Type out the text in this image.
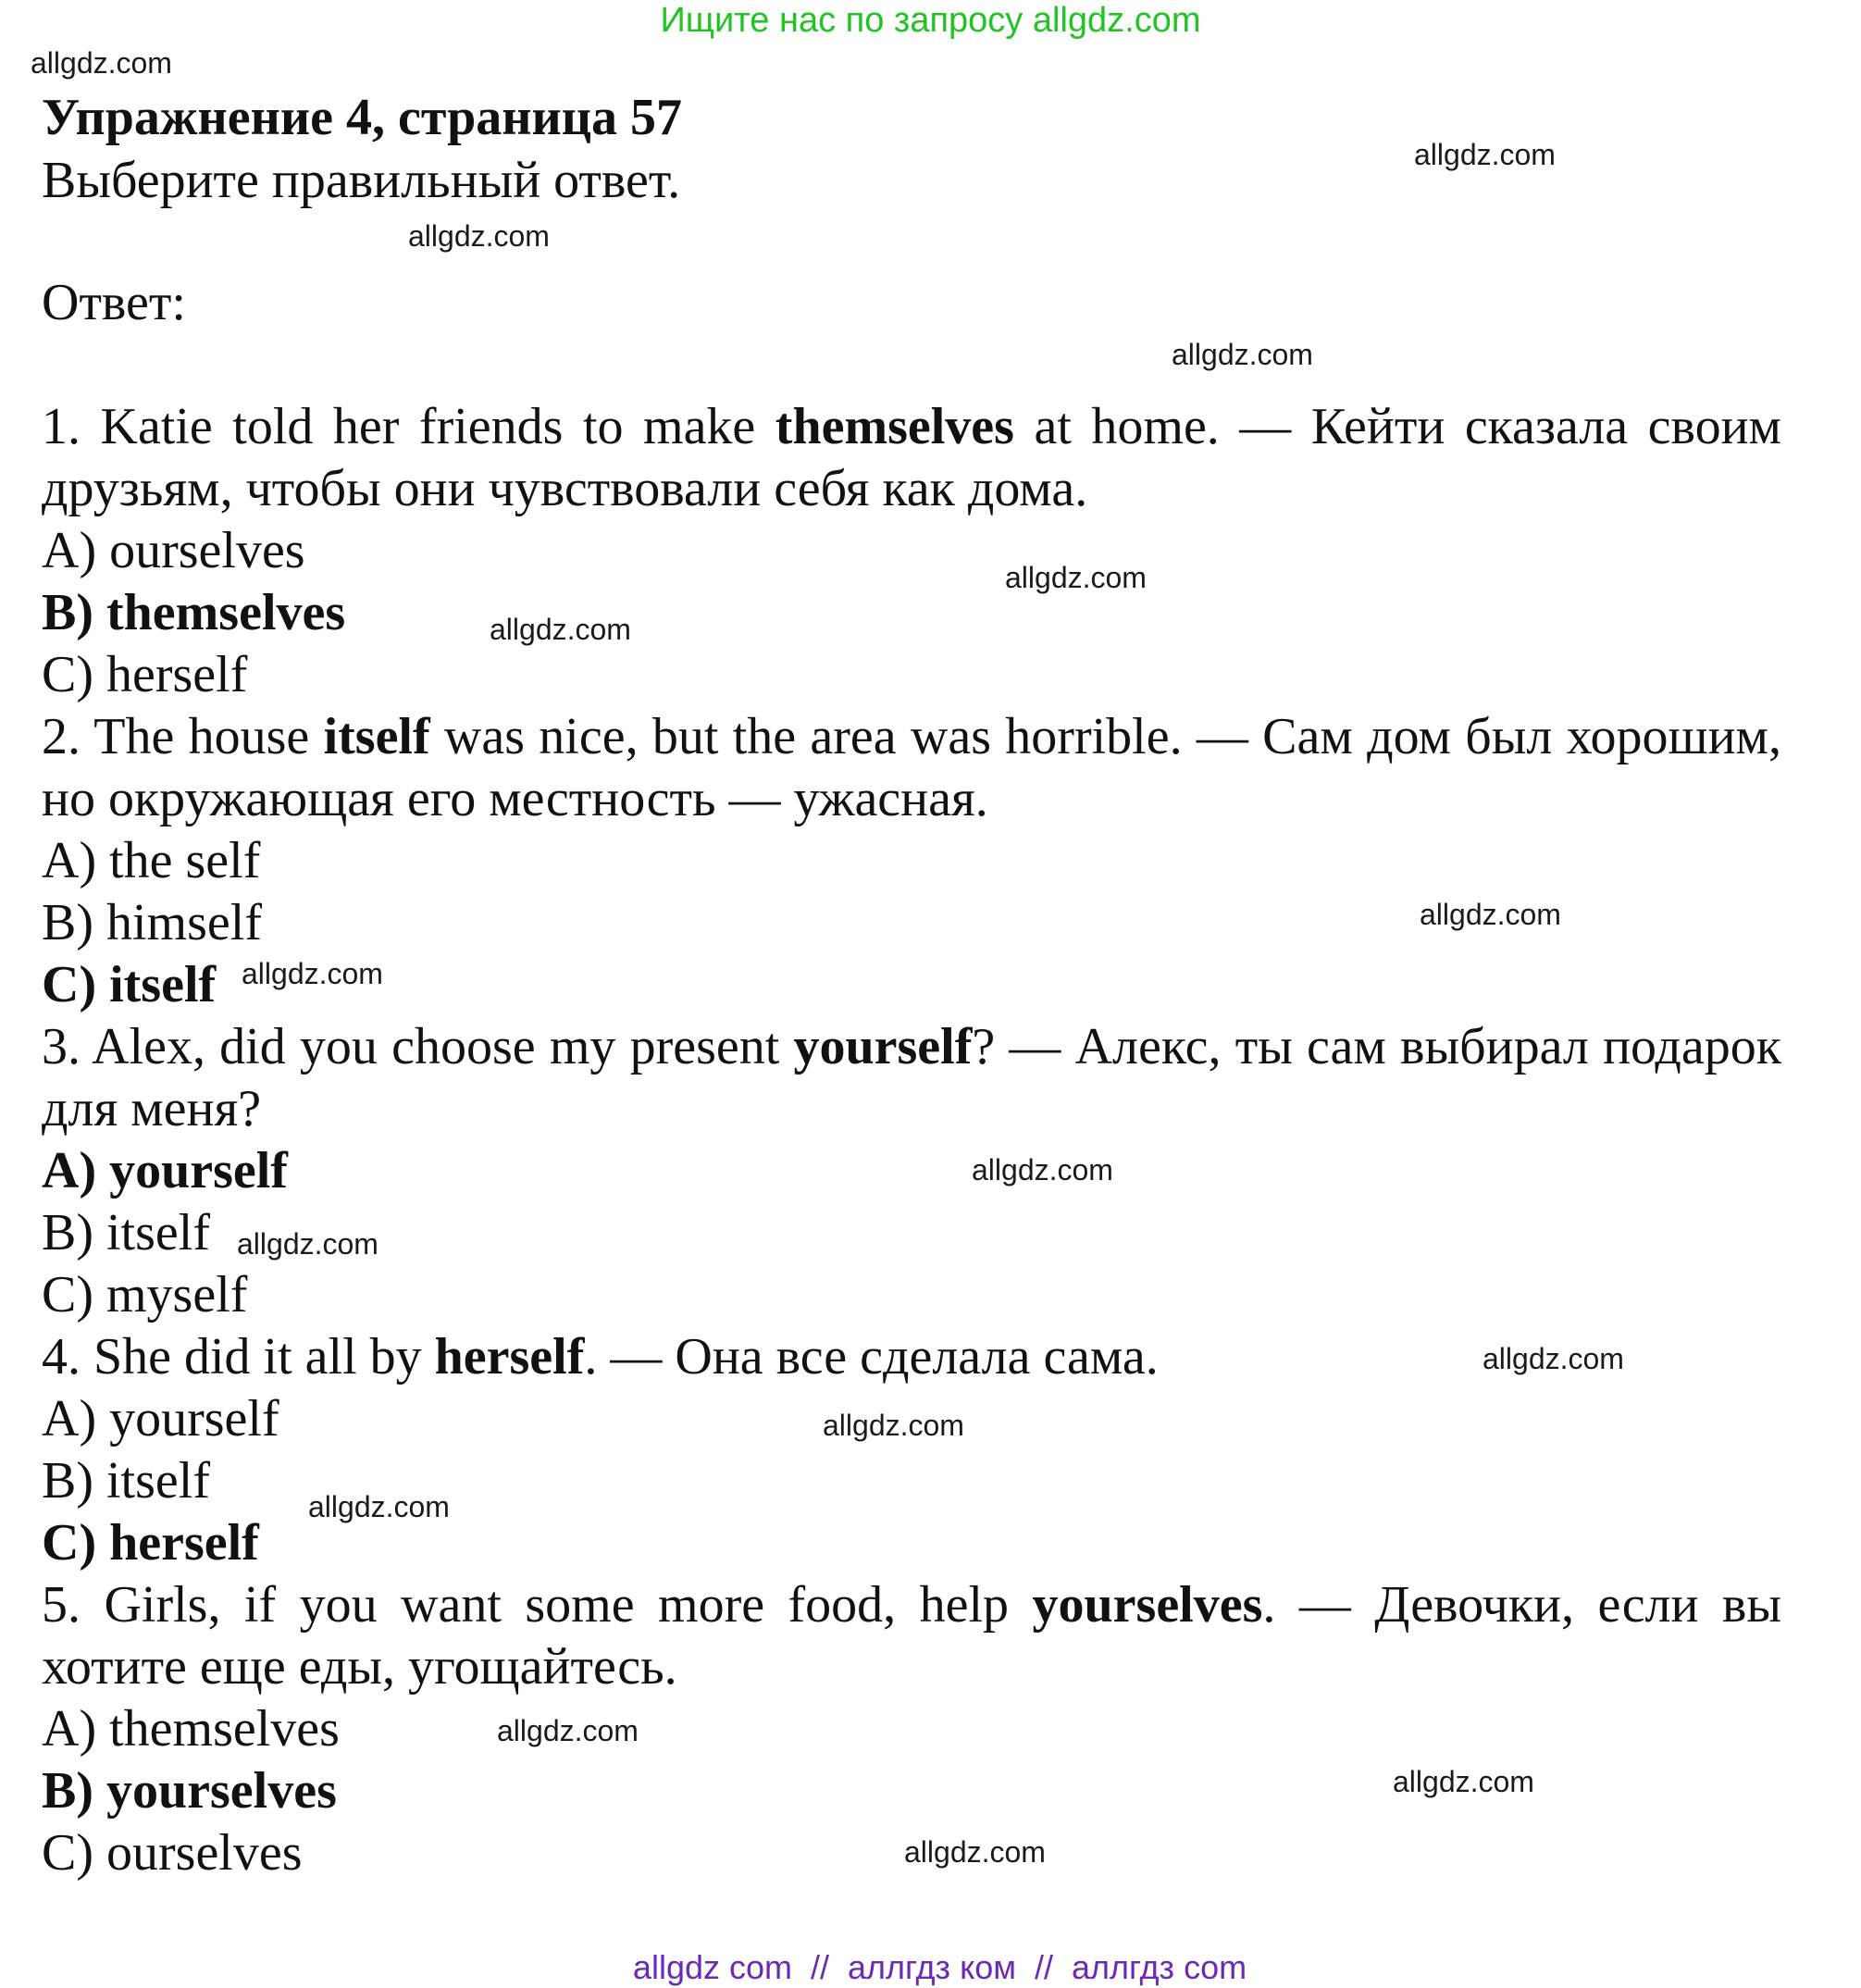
Ищите нас по запросу allgdz.com
allgdz.com
allgdz.com
allgdz.com
allgdz.com
allgdz.com
allgdz.com
allgdz.com
allgdz.com
allgdz.com
allgdz.com
allgdz.com
allgdz.com
allgdz.com
allgdz.com
allgdz.com
allgdz.com
Упражнение 4, страница 57

Выберите правильный ответ.

Ответ:

1. Katie told her friends to make themselves at home. — Кейти сказала своим друзьям, чтобы они чувствовали себя как дома.

A) ourselves

B) themselves

C) herself

2. The house itself was nice, but the area was horrible. — Сам дом был хорошим, но окружающая его местность — ужасная.

A) the self

B) himself

C) itself

3. Alex, did you choose my present yourself? — Алекс, ты сам выбирал подарок для меня?

A) yourself

B) itself

C) myself

4. She did it all by herself. — Она все сделала сама.

A) yourself

B) itself

C) herself

5. Girls, if you want some more food, help yourselves. — Девочки, если вы хотите еще еды, угощайтесь.

A) themselves

B) yourselves

C) ourselves

allgdz com  //  аллгдз ком  //  аллгдз com
